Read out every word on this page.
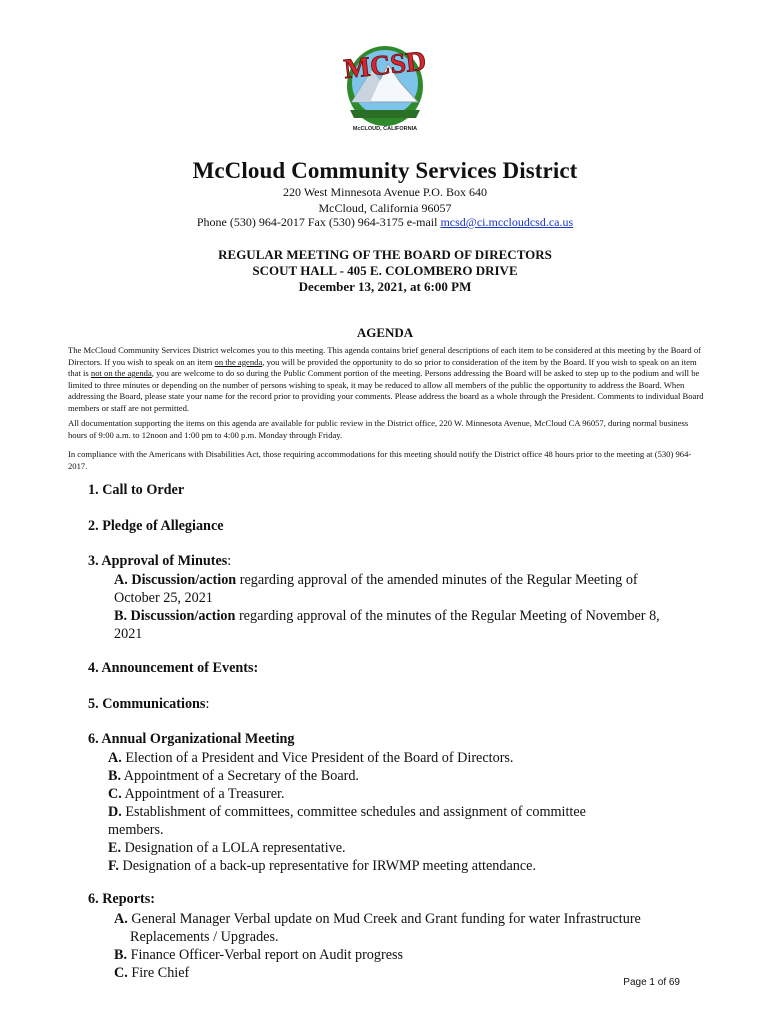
MCSD
McCLOUD, CALIFORNIA
McCloud Community Services District
220 West Minnesota Avenue P.O. Box 640
McCloud, California 96057
Phone (530) 964-2017 Fax (530) 964-3175 e-mail mcsd@ci.mccloudcsd.ca.us
REGULAR MEETING OF THE BOARD OF DIRECTORS
SCOUT HALL - 405 E. COLOMBERO DRIVE
December 13, 2021, at 6:00 PM
AGENDA
The McCloud Community Services District welcomes you to this meeting. This agenda contains brief general descriptions of each item to be considered at this meeting by the Board of Directors. If you wish to speak on an item on the agenda, you will be provided the opportunity to do so prior to consideration of the item by the Board. If you wish to speak on an item that is not on the agenda, you are welcome to do so during the Public Comment portion of the meeting. Persons addressing the Board will be asked to step up to the podium and will be limited to three minutes or depending on the number of persons wishing to speak, it may be reduced to allow all members of the public the opportunity to address the Board. When addressing the Board, please state your name for the record prior to providing your comments. Please address the board as a whole through the President. Comments to individual Board members or staff are not permitted.
All documentation supporting the items on this agenda are available for public review in the District office, 220 W. Minnesota Avenue, McCloud CA 96057, during normal business hours of 9:00 a.m. to 12noon and 1:00 pm to 4:00 p.m. Monday through Friday.
In compliance with the Americans with Disabilities Act, those requiring accommodations for this meeting should notify the District office 48 hours prior to the meeting at (530) 964-2017.
1. Call to Order
2. Pledge of Allegiance
3. Approval of Minutes:
A. Discussion/action regarding approval of the amended minutes of the Regular Meeting of
October 25, 2021
B. Discussion/action regarding approval of the minutes of the Regular Meeting of November 8,
2021
4. Announcement of Events:
5. Communications:
6. Annual Organizational Meeting
A. Election of a President and Vice President of the Board of Directors.
B. Appointment of a Secretary of the Board.
C. Appointment of a Treasurer.
D. Establishment of committees, committee schedules and assignment of committee
members.
E. Designation of a LOLA representative.
F. Designation of a back-up representative for IRWMP meeting attendance.
6. Reports:
A. General Manager Verbal update on Mud Creek and Grant funding for water Infrastructure
Replacements / Upgrades.
B. Finance Officer-Verbal report on Audit progress
C. Fire Chief
Page 1 of 69
